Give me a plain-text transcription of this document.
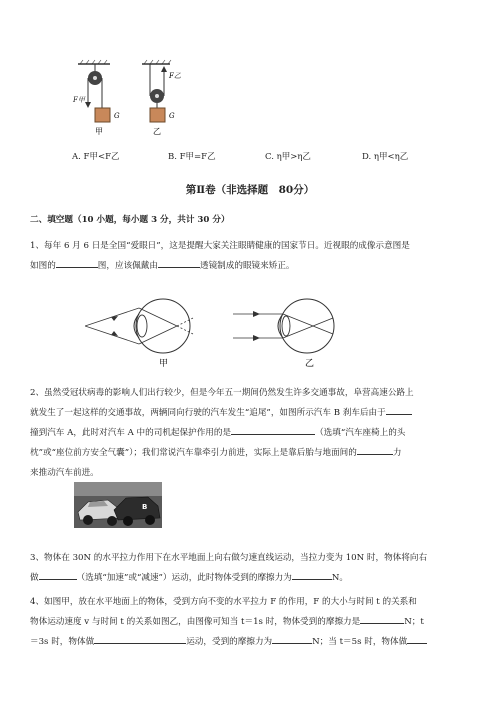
F甲
G
甲
F乙
G
乙
A. F甲<F乙	B. F甲=F乙	C. η甲>η乙	D. η甲<η乙
第Ⅱ卷（非选择题　80分）
二、填空题（10 小题，每小题 3 分，共计 30 分）
1、每年 6 月 6 日是全国“爱眼日”，这是提醒大家关注眼睛健康的国家节日。近视眼的成像示意图是
如图的	图，应该佩戴由	透镜制成的眼镜来矫正。
甲	乙
2、虽然受冠状病毒的影响人们出行较少，但是今年五一期间仍然发生许多交通事故，阜营高速公路上
就发生了一起这样的交通事故，两辆同向行驶的汽车发生“追尾”，如图所示汽车 B 刹车后由于
撞到汽车 A，此时对汽车 A 中的司机起保护作用的是	（选填“汽车座椅上的头
枕”或“座位前方安全气囊”）；我们常说汽车靠牵引力前进，实际上是靠后胎与地面间的	力
来推动汽车前进。
B
3、物体在 30N 的水平拉力作用下在水平地面上向右做匀速直线运动，当拉力变为 10N 时，物体将向右
做	（选填“加速”或“减速”）运动，此时物体受到的摩擦力为	N。
4、如图甲，放在水平地面上的物体，受到方向不变的水平拉力 F 的作用，F 的大小与时间 t 的关系和
物体运动速度 v 与时间 t 的关系如图乙，由图像可知当 t＝1s 时，物体受到的摩擦力是	N；t
＝3s 时，物体做	运动，受到的摩擦力为	N；当 t＝5s 时，物体做
